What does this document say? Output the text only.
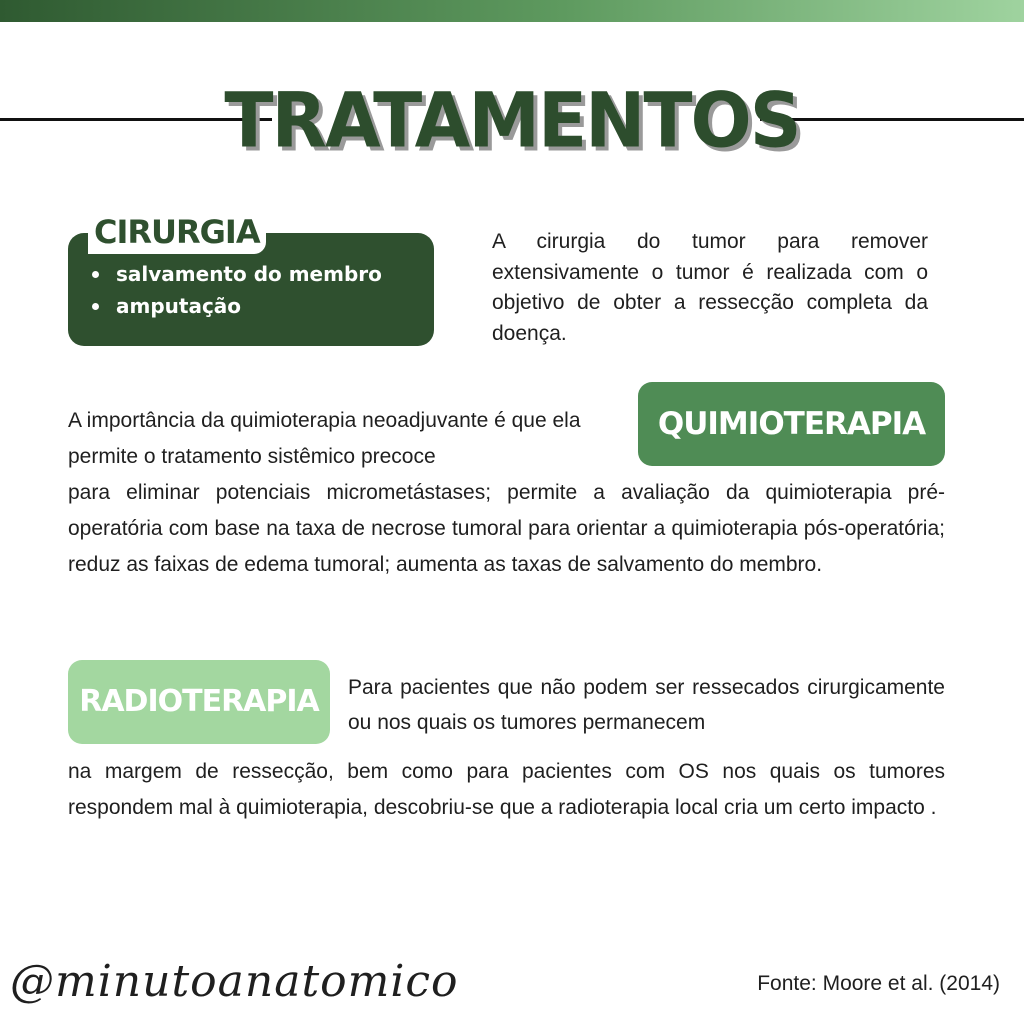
TRATAMENTOS
CIRURGIA
salvamento do membro
amputação
A cirurgia do tumor para remover extensivamente o tumor é realizada com o objetivo de obter a ressecção completa da doença.
QUIMIOTERAPIA
A importância da quimioterapia neoadjuvante é que ela permite o tratamento sistêmico precoce
para eliminar potenciais micrometástases; permite a avaliação da quimioterapia pré-operatória com base na taxa de necrose tumoral para orientar a quimioterapia pós-operatória; reduz as faixas de edema tumoral; aumenta as taxas de salvamento do membro.
RADIOTERAPIA	Para pacientes que não podem ser ressecados cirurgicamente ou nos quais os tumores permanecem
na margem de ressecção, bem como para pacientes com OS nos quais os tumores respondem mal à quimioterapia, descobriu-se que a radioterapia local cria um certo impacto .
@minutoanatomico	Fonte: Moore et al. (2014)
